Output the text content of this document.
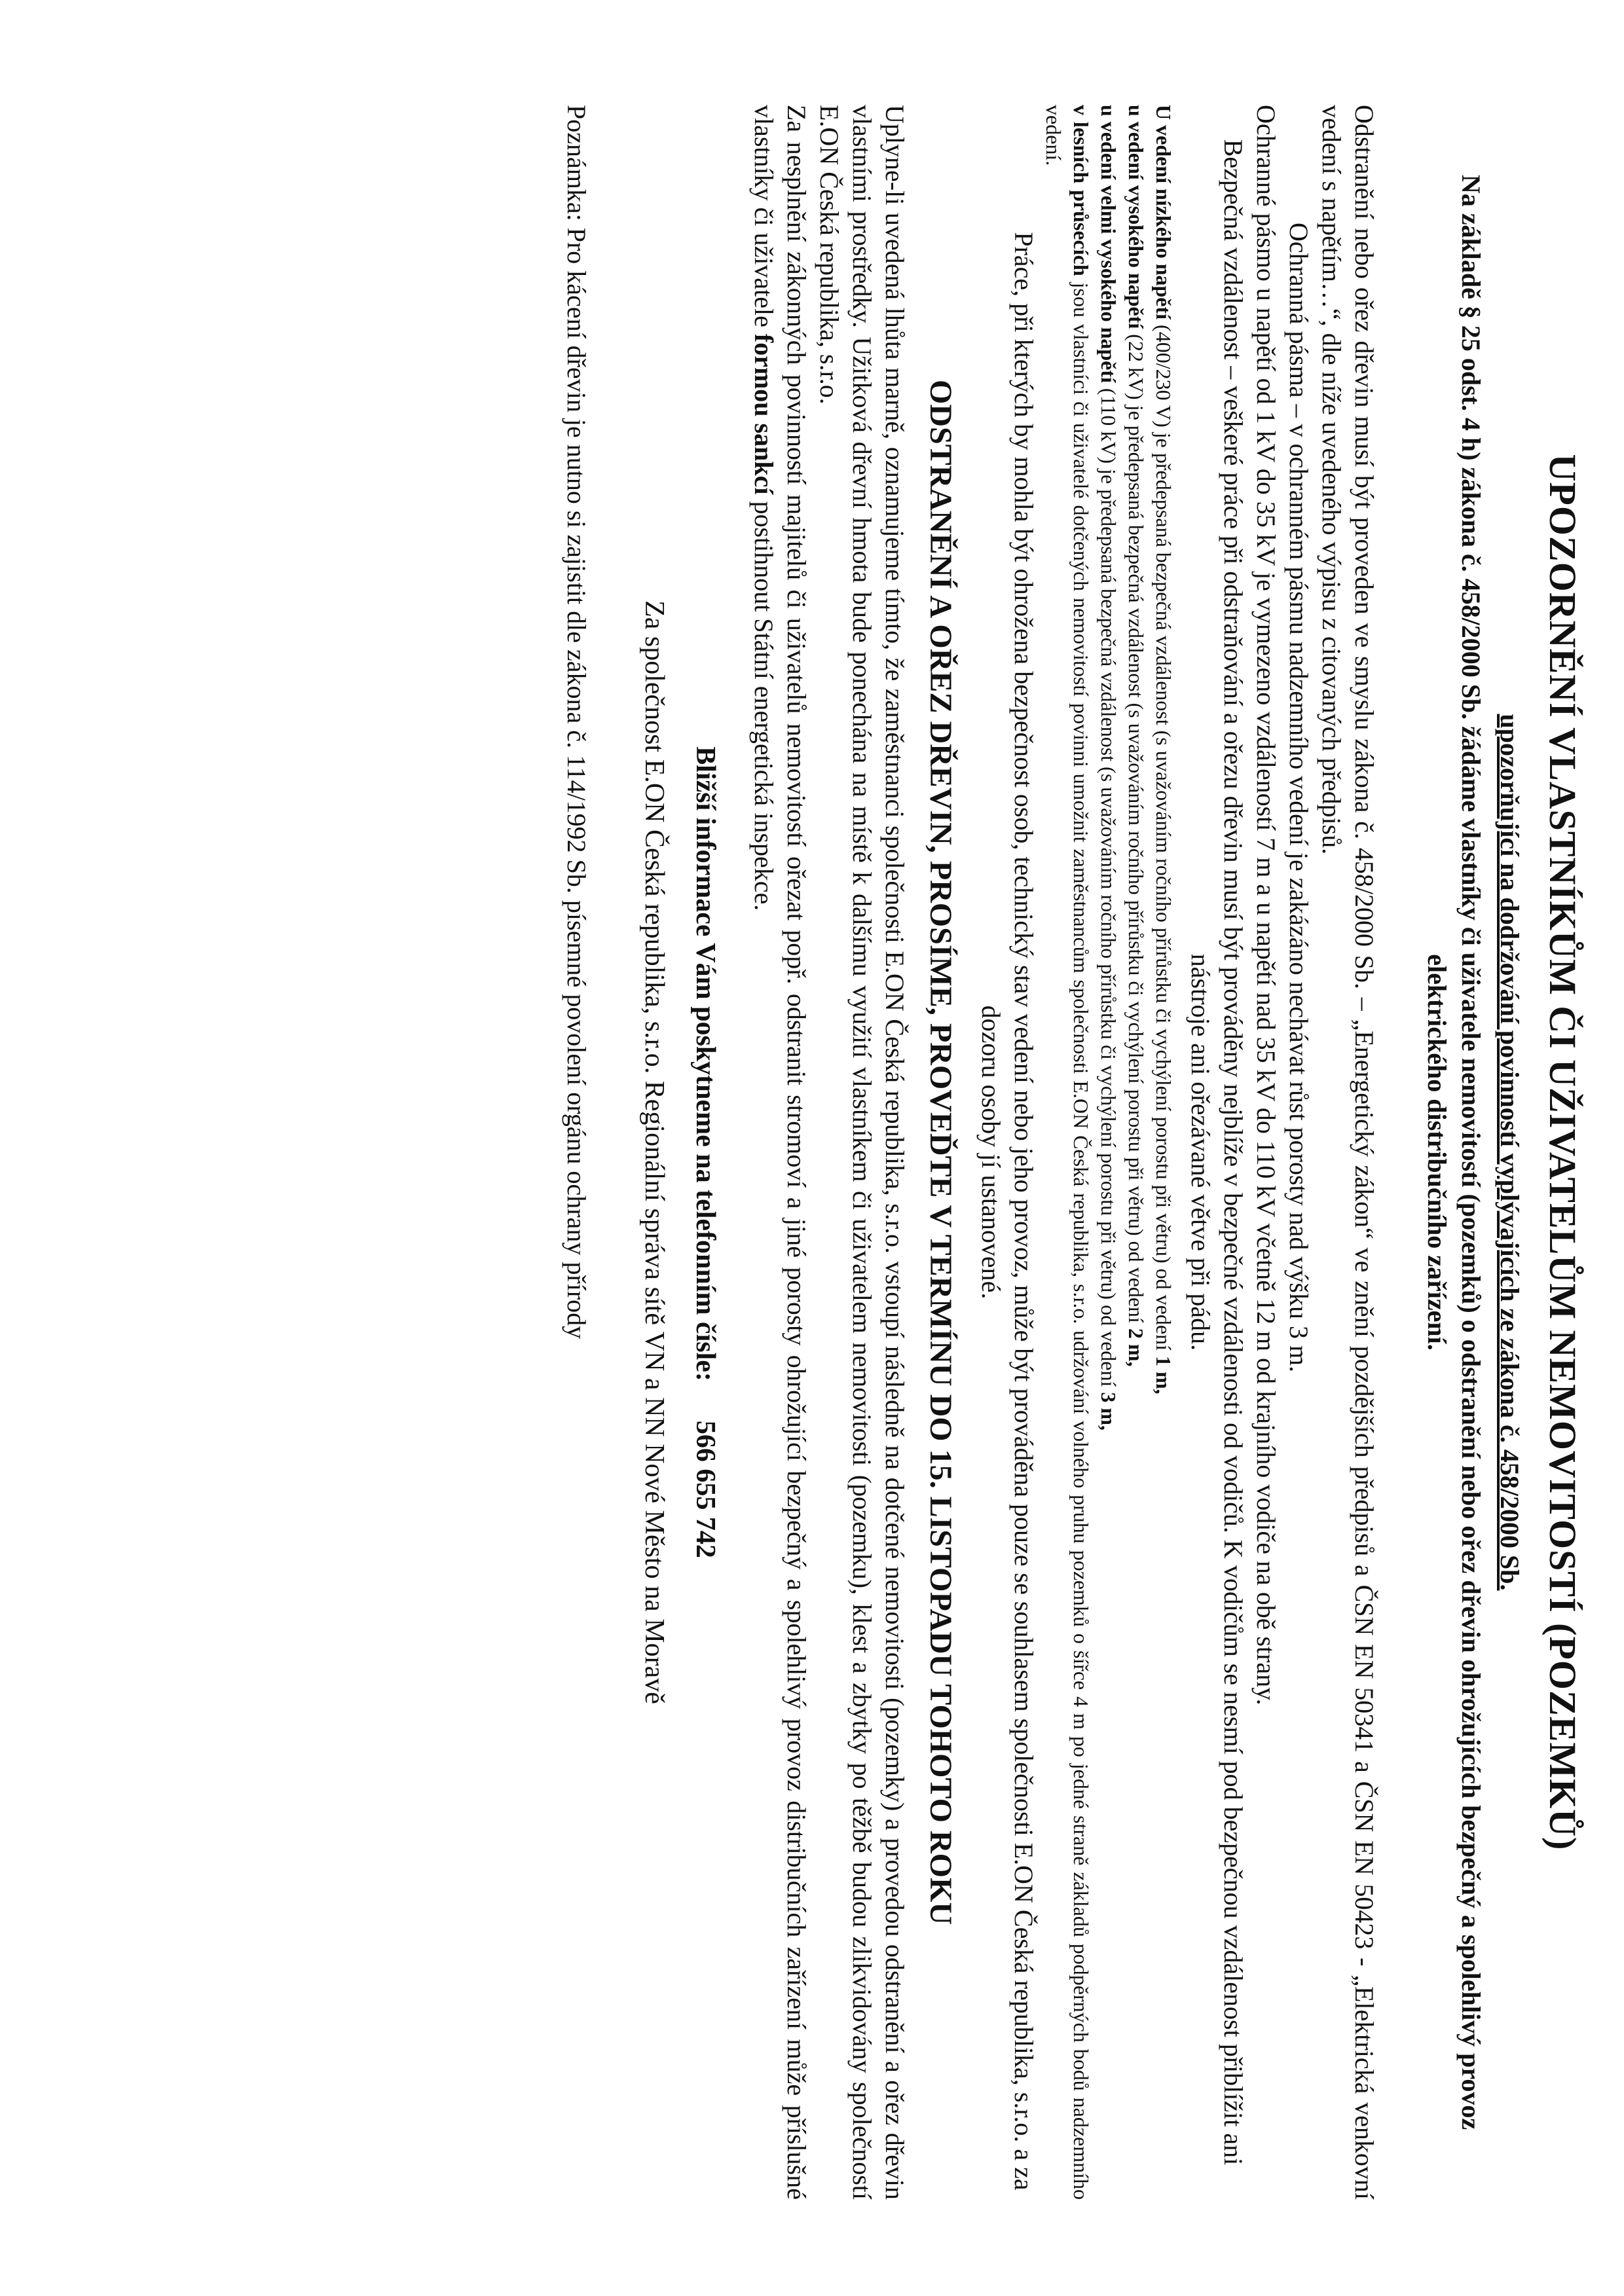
UPOZORNĚNÍ VLASTNÍKŮM ČI UŽIVATELŮM NEMOVITOSTÍ (POZEMKŮ)
upozorňující na dodržování povinností vyplývajících ze zákona č. 458/2000 Sb.
Na základě § 25 odst. 4 h) zákona č. 458/2000 Sb. žádáme vlastníky či uživatele nemovitostí (pozemků) o odstranění nebo ořez dřevin ohrožujících bezpečný a spolehlivý provoz elektrického distribučního zařízení.

Odstranění nebo ořez dřevin musí být proveden ve smyslu zákona č. 458/2000 Sb. – „Energetický zákon“ ve znění pozdějších předpisů a ČSN EN 50341 a ČSN EN 50423 - „Elektrická venkovní vedení s napětím…“, dle níže uvedeného výpisu z citovaných předpisů.

Ochranná pásma – v ochranném pásmu nadzemního vedení je zakázáno nechávat růst porosty nad výšku 3 m.

Ochranné pásmo u napětí od 1 kV do 35 kV je vymezeno vzdáleností 7 m a u napětí nad 35 kV do 110 kV včetně 12 m od krajního vodiče na obě strany.

Bezpečná vzdálenost – veškeré práce při odstraňování a ořezu dřevin musí být prováděny nejblíže v bezpečné vzdálenosti od vodičů. K vodičům se nesmí pod bezpečnou vzdálenost přiblížit ani nástroje ani ořezávané větve při pádu.

U vedení nízkého napětí (400/230 V) je předepsaná bezpečná vzdálenost (s uvažováním ročního přírůstku či vychýlení porostu při větru) od vedení 1 m,

u vedení vysokého napětí (22 kV) je předepsaná bezpečná vzdálenost (s uvažováním ročního přírůstku či vychýlení porostu při větru) od vedení 2 m,

u vedení velmi vysokého napětí (110 kV) je předepsaná bezpečná vzdálenost (s uvažováním ročního přírůstku či vychýlení porostu při větru) od vedení 3 m,

v lesních průsecích jsou vlastníci či uživatelé dotčených nemovitostí povinni umožnit zaměstnancům společnosti E.ON Česká republika, s.r.o. udržování volného pruhu pozemků o šířce 4 m po jedné straně základů podpěrných bodů nadzemního vedení.

Práce, při kterých by mohla být ohrožena bezpečnost osob, technický stav vedení nebo jeho provoz, může být prováděna pouze se souhlasem společnosti E.ON Česká republika, s.r.o. a za dozoru osoby jí ustanovené.

ODSTRANĚNÍ A OŘEZ DŘEVIN, PROSÍME, PROVEĎTE V TERMÍNU DO 15. LISTOPADU TOHOTO ROKU

Uplyne-li uvedená lhůta marně, oznamujeme tímto, že zaměstnanci společnosti E.ON Česká republika, s.r.o. vstoupí následně na dotčené nemovitosti (pozemky) a provedou odstranění a ořez dřevin vlastními prostředky. Užitková dřevní hmota bude ponechána na místě k dalšímu využití vlastníkem či uživatelem nemovitosti (pozemku), klest a zbytky po těžbě budou zlikvidovány společností E.ON Česká republika, s.r.o.

Za nesplnění zákonných povinností majitelů či uživatelů nemovitostí ořezat popř. odstranit stromoví a jiné porosty ohrožující bezpečný a spolehlivý provoz distribučních zařízení může příslušné vlastníky či uživatele formou sankcí postihnout Státní energetická inspekce.

Bližší informace Vám poskytneme na telefonním čísle:566 655 742
Za společnost E.ON Česká republika, s.r.o. Regionální správa sítě VN a NN Nové Město na Moravě

Poznámka: Pro kácení dřevin je nutno si zajistit dle zákona č. 114/1992 Sb. písemné povolení orgánu ochrany přírody
